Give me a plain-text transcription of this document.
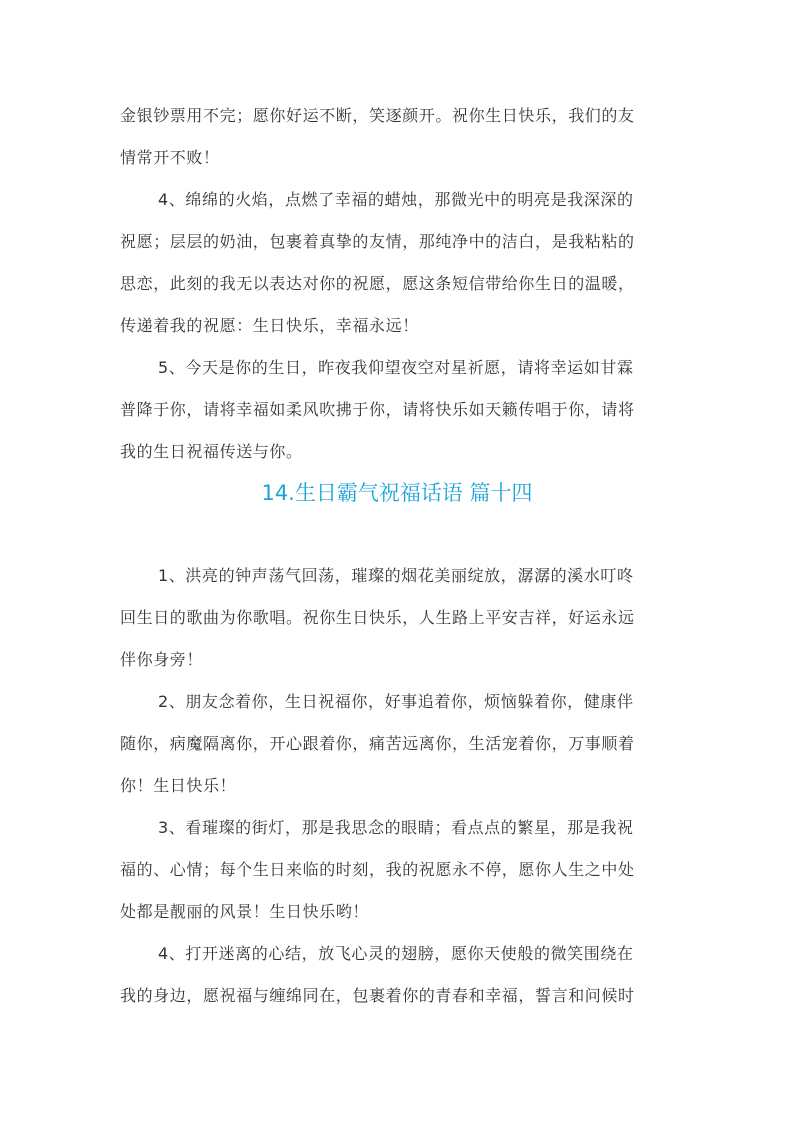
金银钞票用不完；愿你好运不断，笑逐颜开。祝你生日快乐，我们的友
情常开不败！
4、绵绵的火焰，点燃了幸福的蜡烛，那微光中的明亮是我深深的
祝愿；层层的奶油，包裹着真挚的友情，那纯净中的洁白，是我粘粘的
思恋，此刻的我无以表达对你的祝愿，愿这条短信带给你生日的温暖，
传递着我的祝愿：生日快乐，幸福永远！
5、今天是你的生日，昨夜我仰望夜空对星祈愿，请将幸运如甘霖
普降于你，请将幸福如柔风吹拂于你，请将快乐如天籁传唱于你，请将
我的生日祝福传送与你。
14.生日霸气祝福话语 篇十四
1、洪亮的钟声荡气回荡，璀璨的烟花美丽绽放，潺潺的溪水叮咚
回生日的歌曲为你歌唱。祝你生日快乐，人生路上平安吉祥，好运永远
伴你身旁！
2、朋友念着你，生日祝福你，好事追着你，烦恼躲着你，健康伴
随你，病魔隔离你，开心跟着你，痛苦远离你，生活宠着你，万事顺着
你！生日快乐！
3、看璀璨的街灯，那是我思念的眼睛；看点点的繁星，那是我祝
福的、心情；每个生日来临的时刻，我的祝愿永不停，愿你人生之中处
处都是靓丽的风景！生日快乐哟！
4、打开迷离的心结，放飞心灵的翅膀，愿你天使般的微笑围绕在
我的身边，愿祝福与缠绵同在，包裹着你的青春和幸福，誓言和问候时
